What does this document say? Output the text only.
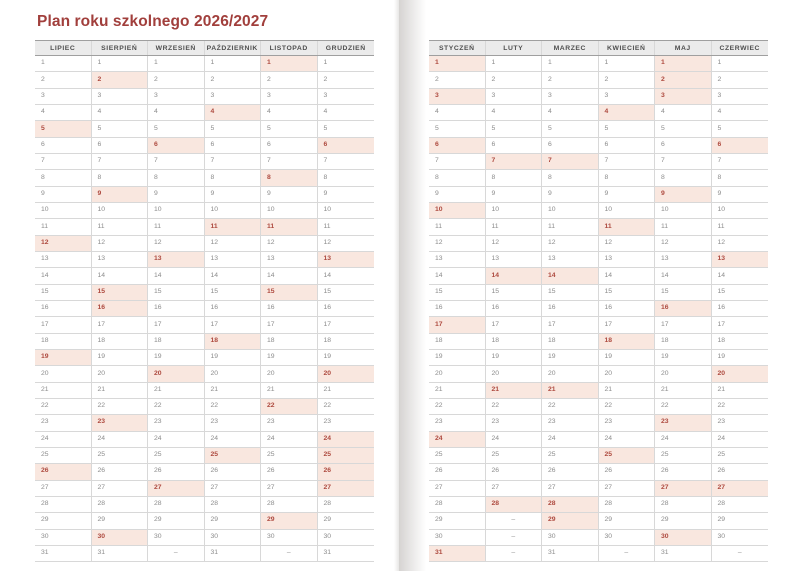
Plan roku szkolnego 2026/2027
LIPIEC	SIERPIEŃ	WRZESIEŃ	PAŹDZIERNIK	LISTOPAD	GRUDZIEŃ
1	1	1	1	1	1
2	2	2	2	2	2
3	3	3	3	3	3
4	4	4	4	4	4
5	5	5	5	5	5
6	6	6	6	6	6
7	7	7	7	7	7
8	8	8	8	8	8
9	9	9	9	9	9
10	10	10	10	10	10
11	11	11	11	11	11
12	12	12	12	12	12
13	13	13	13	13	13
14	14	14	14	14	14
15	15	15	15	15	15
16	16	16	16	16	16
17	17	17	17	17	17
18	18	18	18	18	18
19	19	19	19	19	19
20	20	20	20	20	20
21	21	21	21	21	21
22	22	22	22	22	22
23	23	23	23	23	23
24	24	24	24	24	24
25	25	25	25	25	25
26	26	26	26	26	26
27	27	27	27	27	27
28	28	28	28	28	28
29	29	29	29	29	29
30	30	30	30	30	30
31	31	–	31	–	31
STYCZEŃ	LUTY	MARZEC	KWIECIEŃ	MAJ	CZERWIEC
1	1	1	1	1	1
2	2	2	2	2	2
3	3	3	3	3	3
4	4	4	4	4	4
5	5	5	5	5	5
6	6	6	6	6	6
7	7	7	7	7	7
8	8	8	8	8	8
9	9	9	9	9	9
10	10	10	10	10	10
11	11	11	11	11	11
12	12	12	12	12	12
13	13	13	13	13	13
14	14	14	14	14	14
15	15	15	15	15	15
16	16	16	16	16	16
17	17	17	17	17	17
18	18	18	18	18	18
19	19	19	19	19	19
20	20	20	20	20	20
21	21	21	21	21	21
22	22	22	22	22	22
23	23	23	23	23	23
24	24	24	24	24	24
25	25	25	25	25	25
26	26	26	26	26	26
27	27	27	27	27	27
28	28	28	28	28	28
29	–	29	29	29	29
30	–	30	30	30	30
31	–	31	–	31	–
